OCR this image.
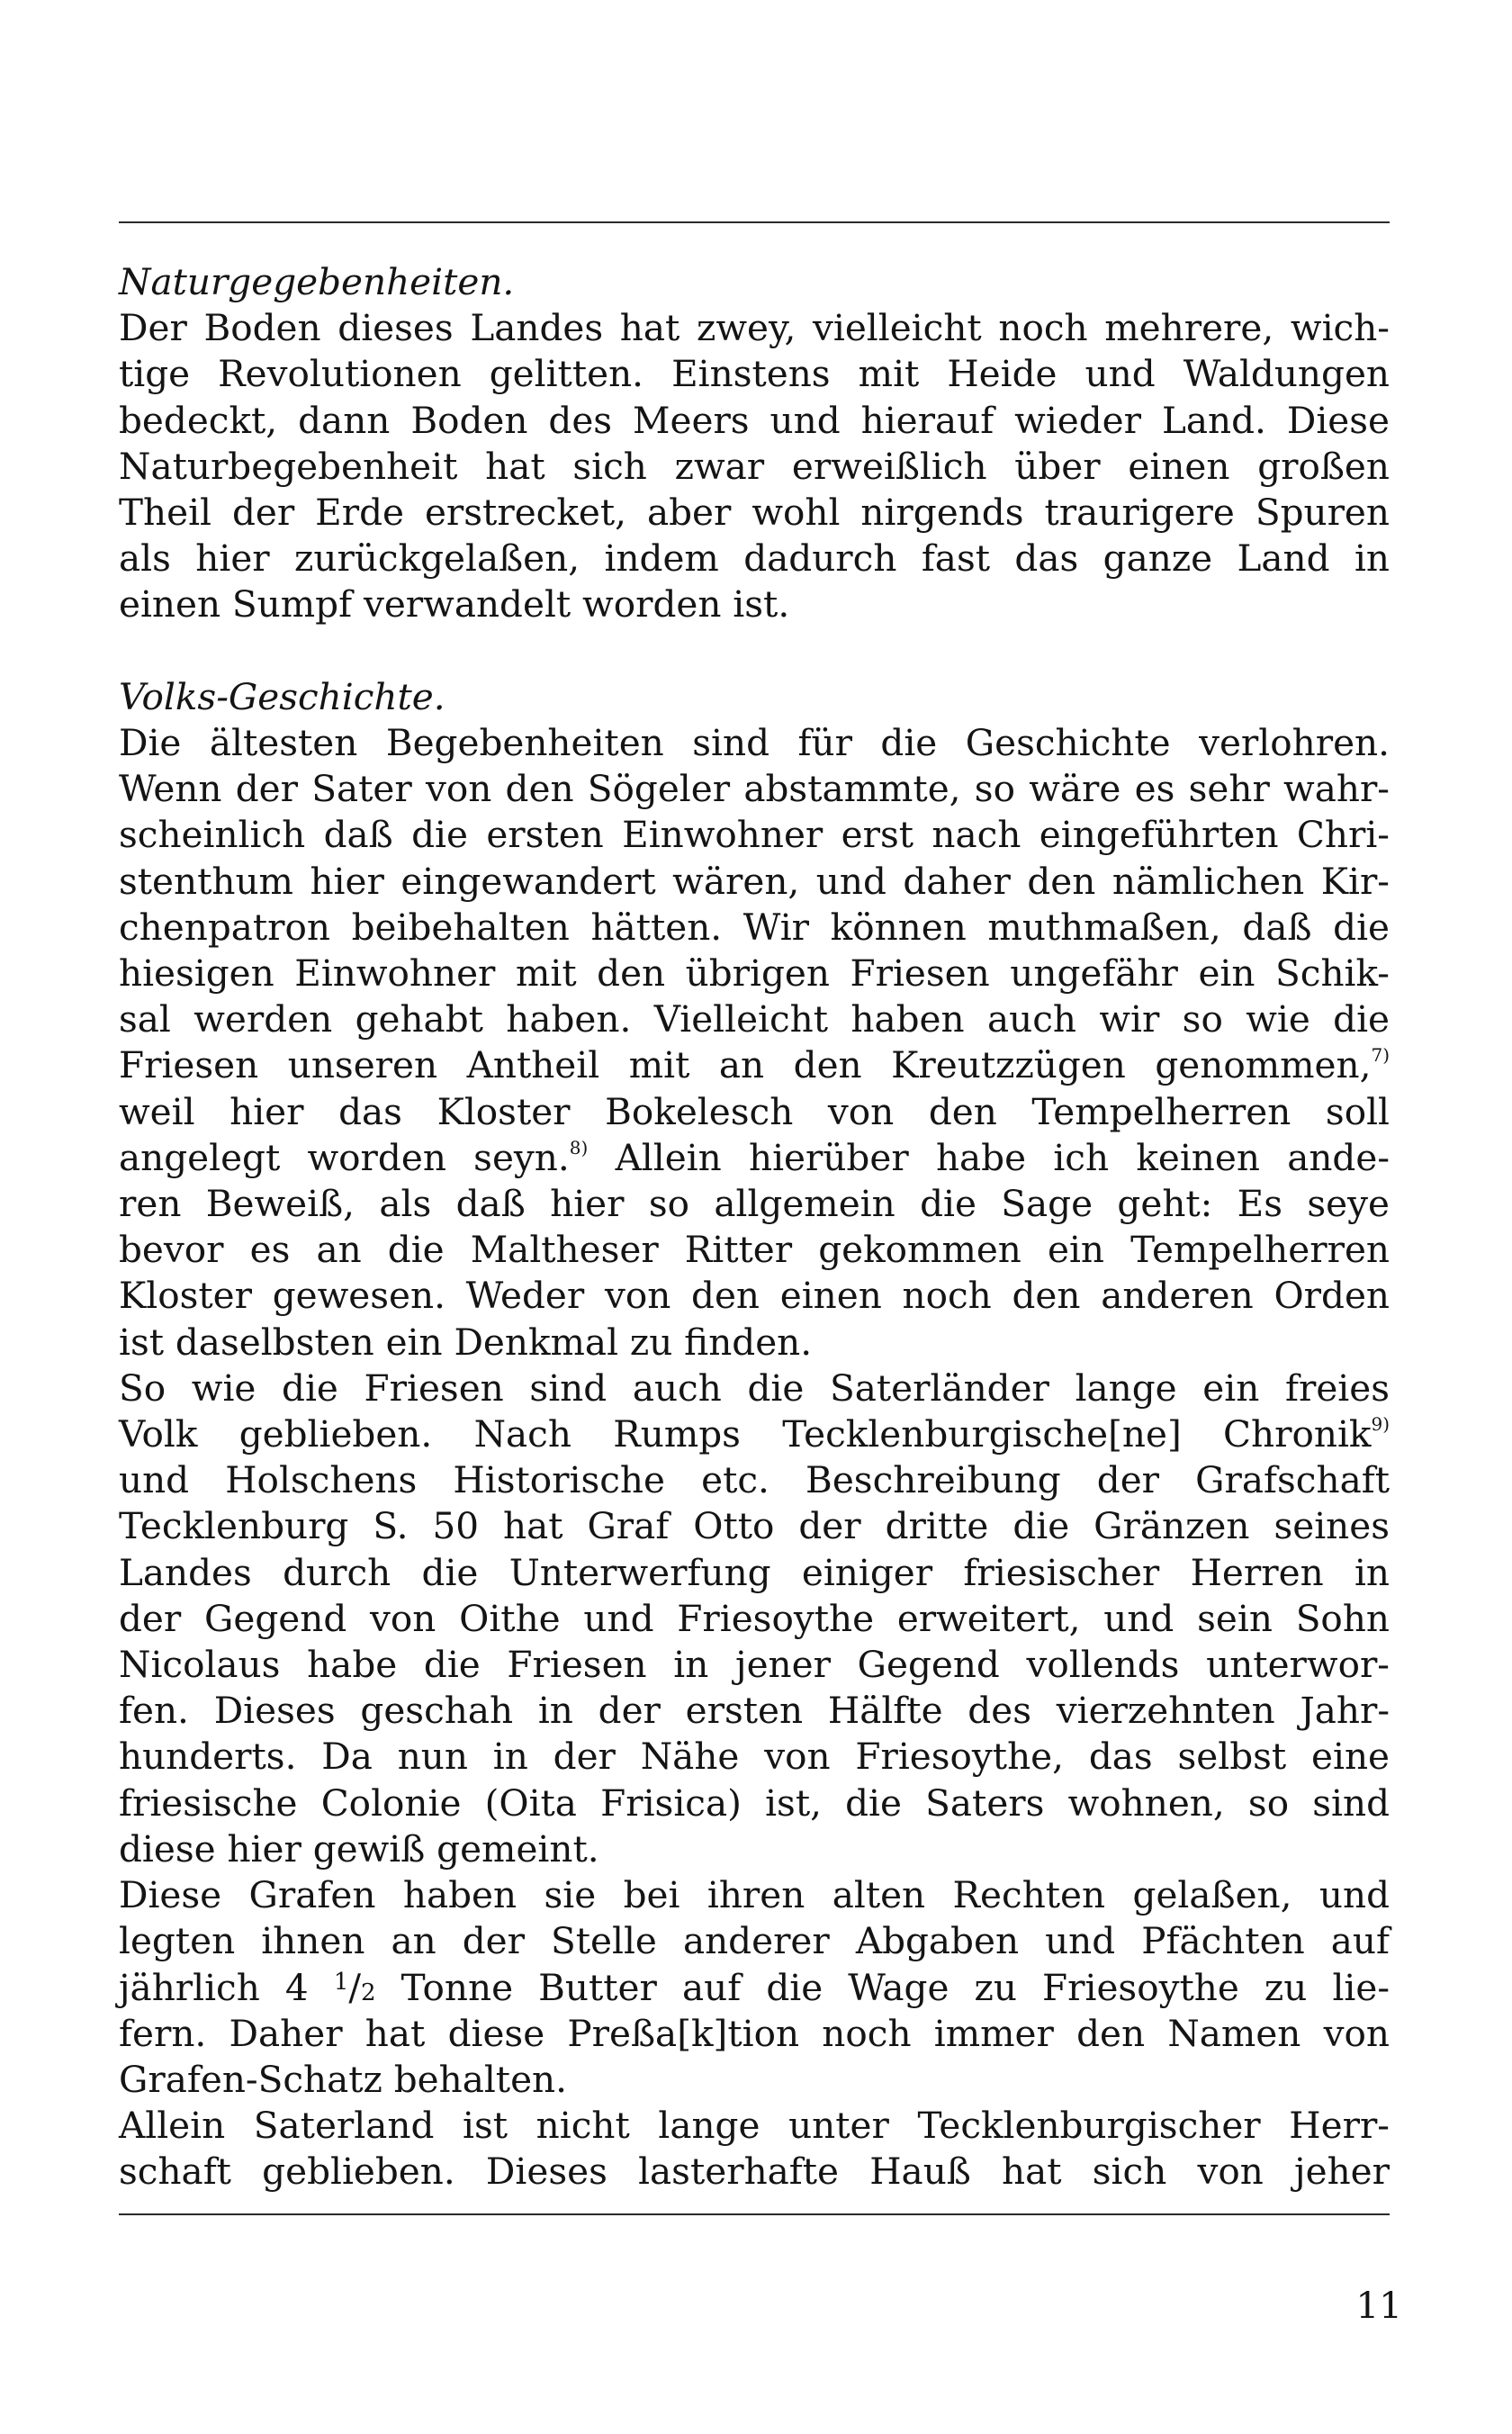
Naturgegebenheiten.
Der Boden dieses Landes hat zwey, vielleicht noch mehrere, wich-
tige Revolutionen gelitten. Einstens mit Heide und Waldungen
bedeckt, dann Boden des Meers und hierauf wieder Land. Diese
Naturbegebenheit hat sich zwar erweißlich über einen großen
Theil der Erde erstrecket, aber wohl nirgends traurigere Spuren
als hier zurückgelaßen, indem dadurch fast das ganze Land in
einen Sumpf verwandelt worden ist.
Volks-Geschichte.
Die ältesten Begebenheiten sind für die Geschichte verlohren.
Wenn der Sater von den Sögeler abstammte, so wäre es sehr wahr-
scheinlich daß die ersten Einwohner erst nach eingeführten Chri-
stenthum hier eingewandert wären, und daher den nämlichen Kir-
chenpatron beibehalten hätten. Wir können muthmaßen, daß die
hiesigen Einwohner mit den übrigen Friesen ungefähr ein Schik-
sal werden gehabt haben. Vielleicht haben auch wir so wie die
Friesen unseren Antheil mit an den Kreutzzügen genommen,$^{7)}$
weil hier das Kloster Bokelesch von den Tempelherren soll
angelegt worden seyn.$^{8)}$ Allein hierüber habe ich keinen ande-
ren Beweiß, als daß hier so allgemein die Sage geht: Es seye
bevor es an die Maltheser Ritter gekommen ein Tempelherren
Kloster gewesen. Weder von den einen noch den anderen Orden
ist daselbsten ein Denkmal zu finden.
So wie die Friesen sind auch die Saterländer lange ein freies
Volk geblieben. Nach Rumps Tecklenburgische[ne] Chronik$^{9)}$
und Holschens Historische etc. Beschreibung der Grafschaft
Tecklenburg S. 50 hat Graf Otto der dritte die Gränzen seines
Landes durch die Unterwerfung einiger friesischer Herren in
der Gegend von Oithe und Friesoythe erweitert, und sein Sohn
Nicolaus habe die Friesen in jener Gegend vollends unterwor-
fen. Dieses geschah in der ersten Hälfte des vierzehnten Jahr-
hunderts. Da nun in der Nähe von Friesoythe, das selbst eine
friesische Colonie (Oita Frisica) ist, die Saters wohnen, so sind
diese hier gewiß gemeint.
Diese Grafen haben sie bei ihren alten Rechten gelaßen, und
legten ihnen an der Stelle anderer Abgaben und Pfächten auf
jährlich 4 $^1$/2 Tonne Butter auf die Wage zu Friesoythe zu lie-
fern. Daher hat diese Preßa[k]tion noch immer den Namen von
Grafen-Schatz behalten.
Allein Saterland ist nicht lange unter Tecklenburgischer Herr-
schaft geblieben. Dieses lasterhafte Hauß hat sich von jeher
11
